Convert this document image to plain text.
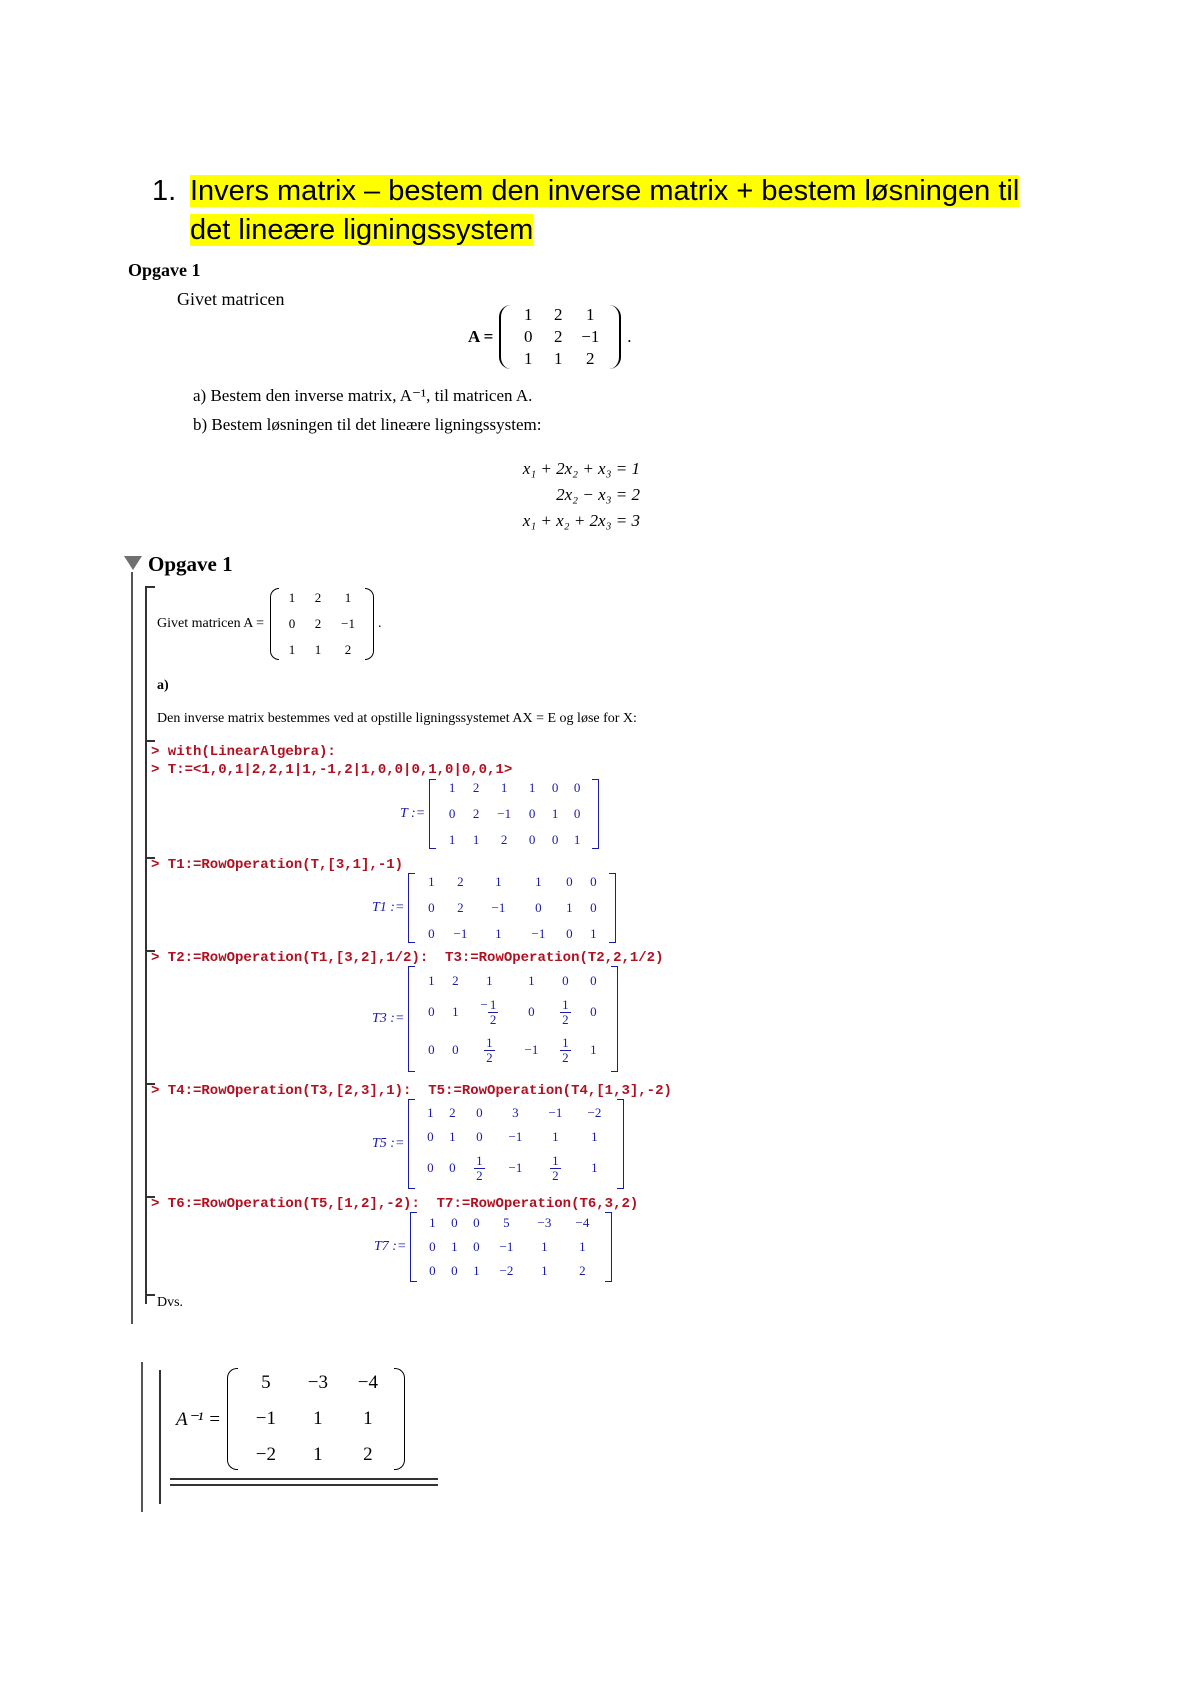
1. Invers matrix – bestem den inverse matrix + bestem løsningen til det lineære ligningssystem
Opgave 1
Givet matricen
A =
1	2	1
0	2	−1
1	1	2
.
a) Bestem den inverse matrix, A⁻¹, til matricen A.
b) Bestem løsningen til det lineære ligningssystem:
x₁ + 2x₂ + x₃ = 1
2x₂ − x₃ = 2
x₁ + x₂ + 2x₃ = 3
Opgave 1
Givet matricen A =
1	2	1
0	2	−1
1	1	2
.
a)
Den inverse matrix bestemmes ved at opstille ligningssystemet AX = E og løse for X:
> with(LinearAlgebra):
> T:=<1,0,1|2,2,1|1,-1,2|1,0,0|0,1,0|0,0,1>
T :=
1	2	1	1	0	0
0	2	−1	0	1	0
1	1	2	0	0	1
> T1:=RowOperation(T,[3,1],-1)
T1 :=
1	2	1	1	0	0
0	2	−1	0	1	0
0	−1	1	−1	0	1
> T2:=RowOperation(T1,[3,2],1/2):  T3:=RowOperation(T2,2,1/2)
T3 :=
1	2	1	1	0	0
0	1	− $\frac{1}{2}$	0	$\frac{1}{2}$	0
0	0	$\frac{1}{2}$	−1	$\frac{1}{2}$	1
> T4:=RowOperation(T3,[2,3],1):  T5:=RowOperation(T4,[1,3],-2)
T5 :=
1	2	0	3	−1	−2
0	1	0	−1	1	1
0	0	$\frac{1}{2}$	−1	$\frac{1}{2}$	1
> T6:=RowOperation(T5,[1,2],-2):  T7:=RowOperation(T6,3,2)
T7 :=
1	0	0	5	−3	−4
0	1	0	−1	1	1
0	0	1	−2	1	2
Dvs.
A⁻¹ =
5	−3	−4
−1	1	1
−2	1	2
